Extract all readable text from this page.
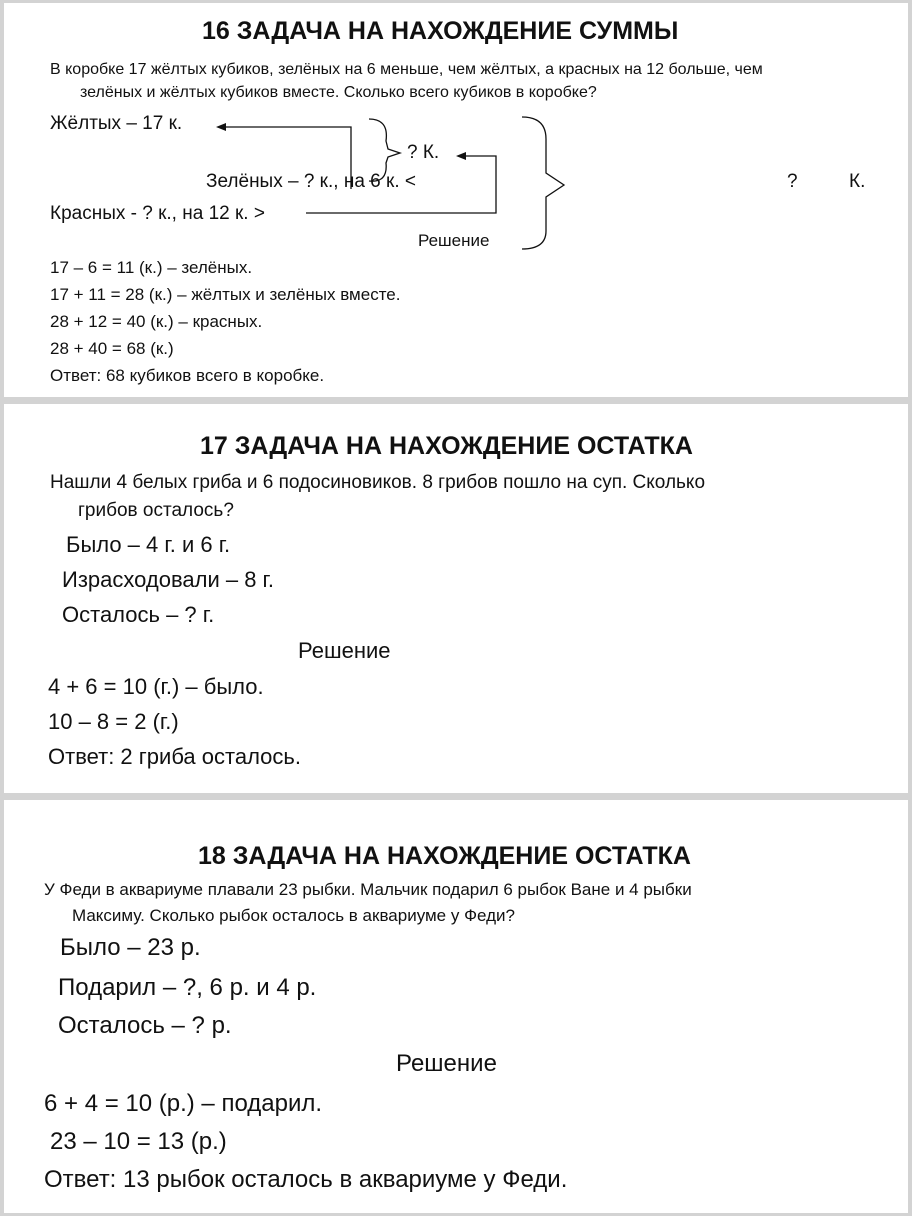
16 ЗАДАЧА НА НАХОЖДЕНИЕ СУММЫ
В коробке 17 жёлтых кубиков, зелёных на 6 меньше, чем жёлтых, а красных на 12 больше, чем
зелёных и жёлтых кубиков вместе. Сколько всего кубиков в коробке?
Жёлтых – 17 к.
Зелёных – ? к., на 6 к. <
Красных - ? к., на 12 к. >
? К.
?	К.
Решение
17 – 6 = 11 (к.) – зелёных.
17 + 11 = 28 (к.) – жёлтых и зелёных вместе.
28 + 12 = 40 (к.) – красных.
28 + 40 = 68 (к.)
Ответ: 68 кубиков всего в коробке.
17 ЗАДАЧА НА НАХОЖДЕНИЕ ОСТАТКА
Нашли 4 белых гриба и 6 подосиновиков. 8 грибов пошло на суп. Сколько
грибов осталось?
Было – 4 г. и 6 г.
Израсходовали – 8 г.
Осталось – ? г.
Решение
4 + 6 = 10 (г.) – было.
10 – 8 = 2 (г.)
Ответ: 2 гриба осталось.
18 ЗАДАЧА НА НАХОЖДЕНИЕ ОСТАТКА
У Феди в аквариуме плавали 23 рыбки. Мальчик подарил 6 рыбок Ване и 4 рыбки
Максиму. Сколько рыбок осталось в аквариуме у Феди?
Было – 23 р.
Подарил – ?, 6 р. и 4 р.
Осталось – ? р.
Решение
6 + 4 = 10 (р.) – подарил.
23 – 10 = 13 (р.)
Ответ: 13 рыбок осталось в аквариуме у Феди.
